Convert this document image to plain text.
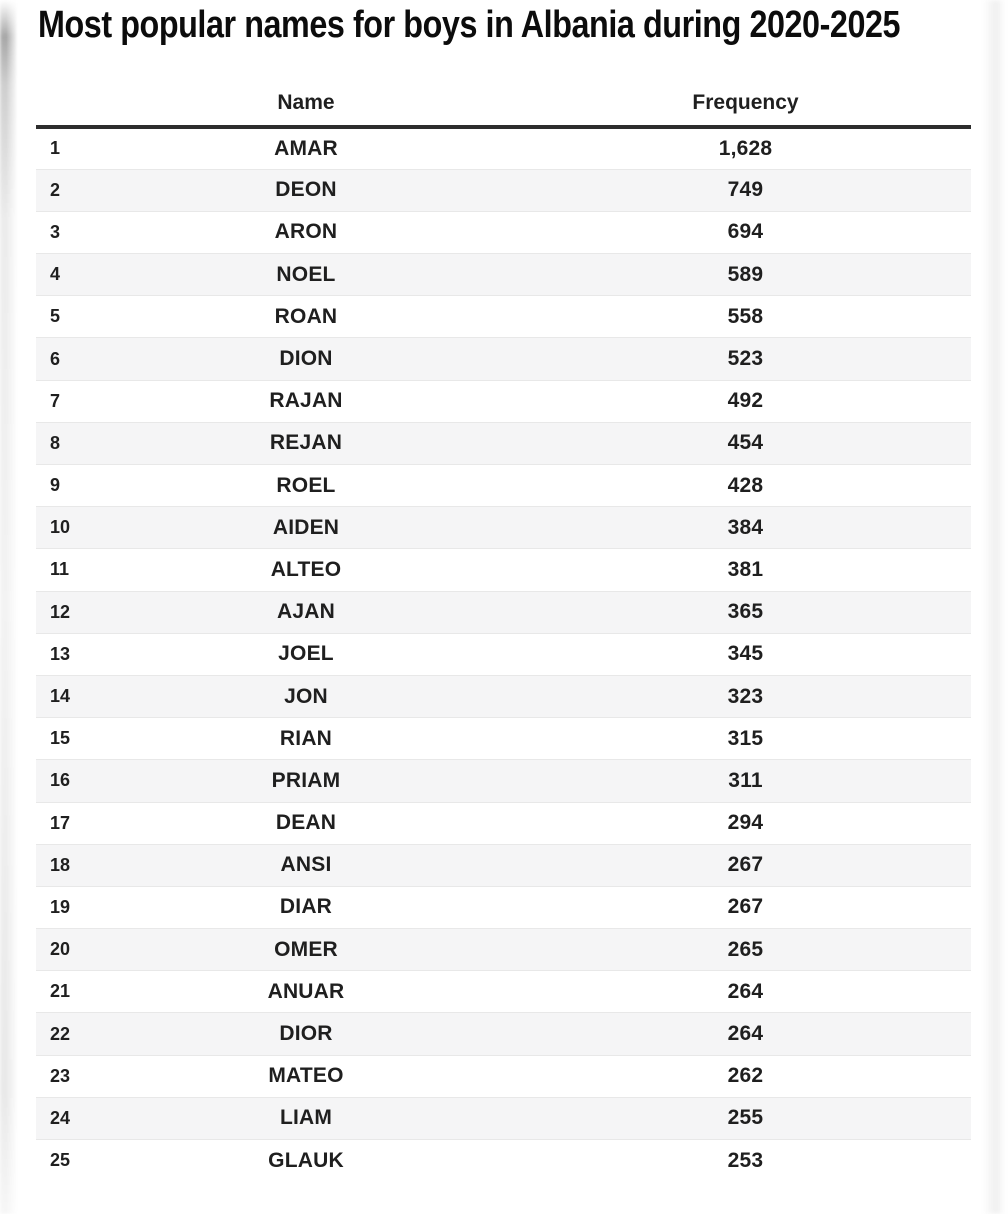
Most popular names for boys in Albania during 2020-2025
	Name	Frequency
1	AMAR	1,628
2	DEON	749
3	ARON	694
4	NOEL	589
5	ROAN	558
6	DION	523
7	RAJAN	492
8	REJAN	454
9	ROEL	428
10	AIDEN	384
11	ALTEO	381
12	AJAN	365
13	JOEL	345
14	JON	323
15	RIAN	315
16	PRIAM	311
17	DEAN	294
18	ANSI	267
19	DIAR	267
20	OMER	265
21	ANUAR	264
22	DIOR	264
23	MATEO	262
24	LIAM	255
25	GLAUK	253
